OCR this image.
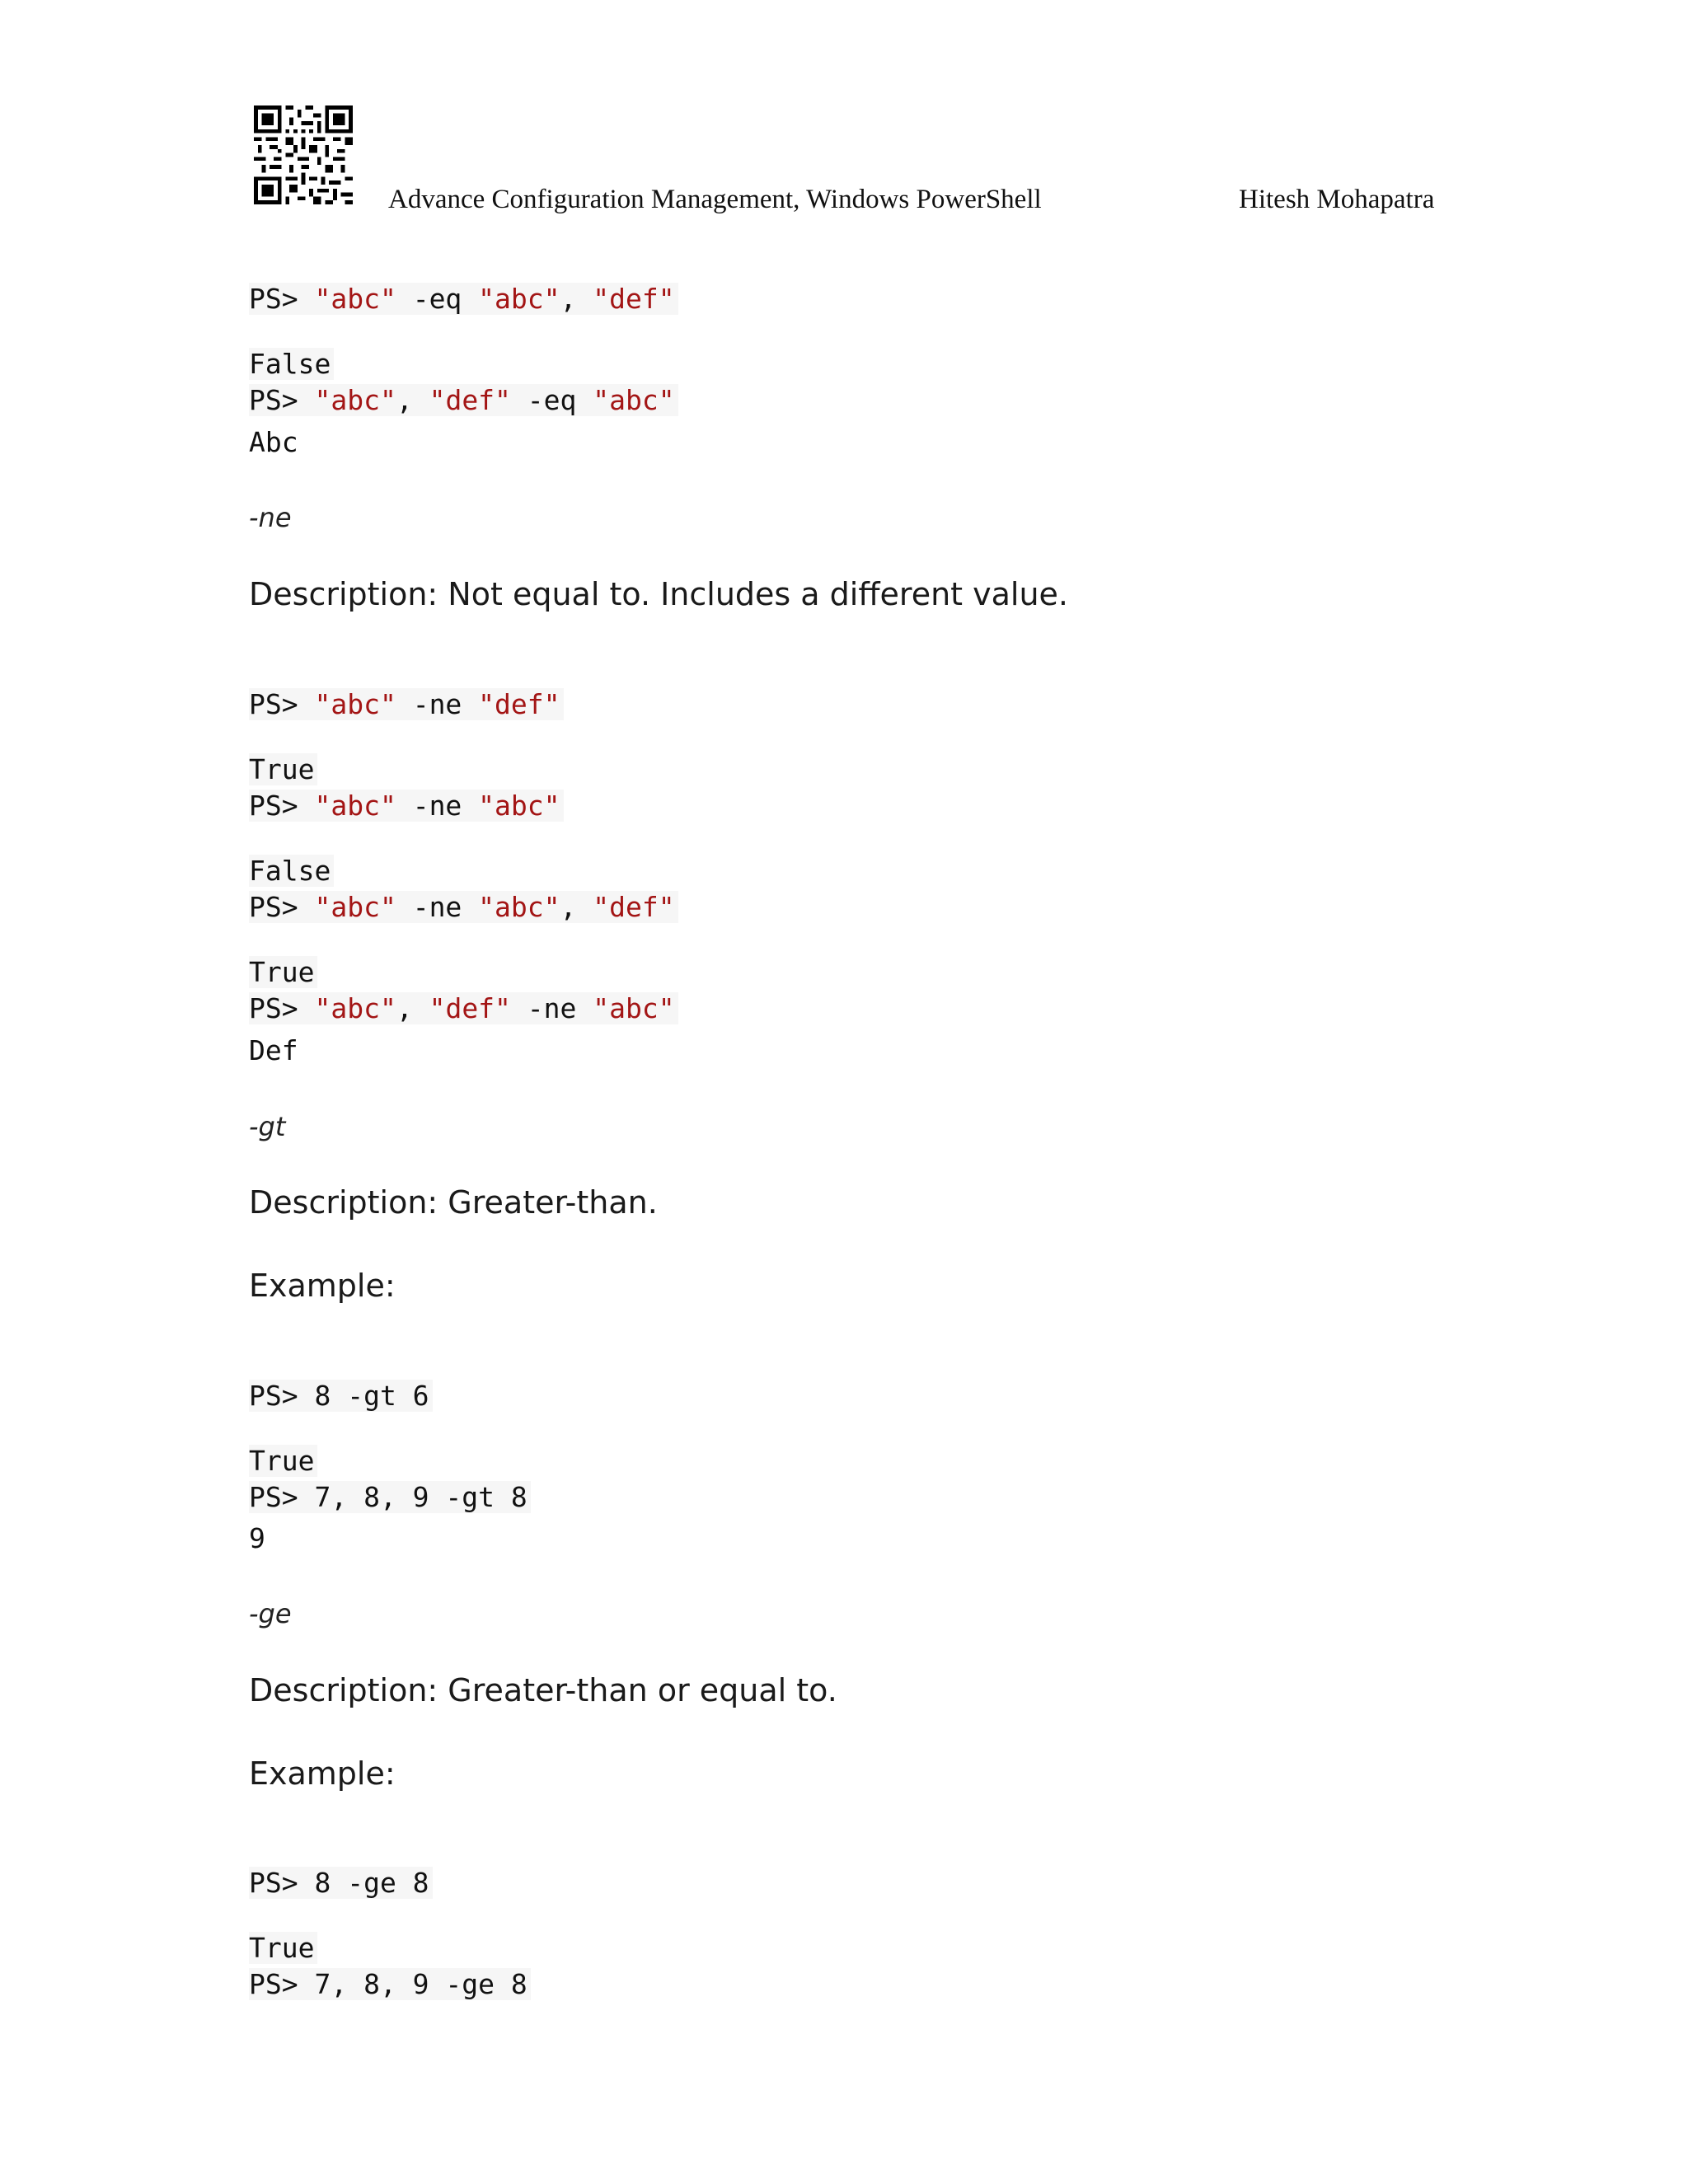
Advance Configuration Management, Windows PowerShell	Hitesh Mohapatra

PS> "abc" -eq "abc", "def"

False

PS> "abc", "def" -eq "abc"

Abc
-ne
Description: Not equal to. Includes a different value.

PS> "abc" -ne "def"

True

PS> "abc" -ne "abc"

False

PS> "abc" -ne "abc", "def"

True

PS> "abc", "def" -ne "abc"

Def
-gt
Description: Greater-than.
Example:

PS> 8 -gt 6

True

PS> 7, 8, 9 -gt 8

9
-ge
Description: Greater-than or equal to.
Example:

PS> 8 -ge 8

True

PS> 7, 8, 9 -ge 8
